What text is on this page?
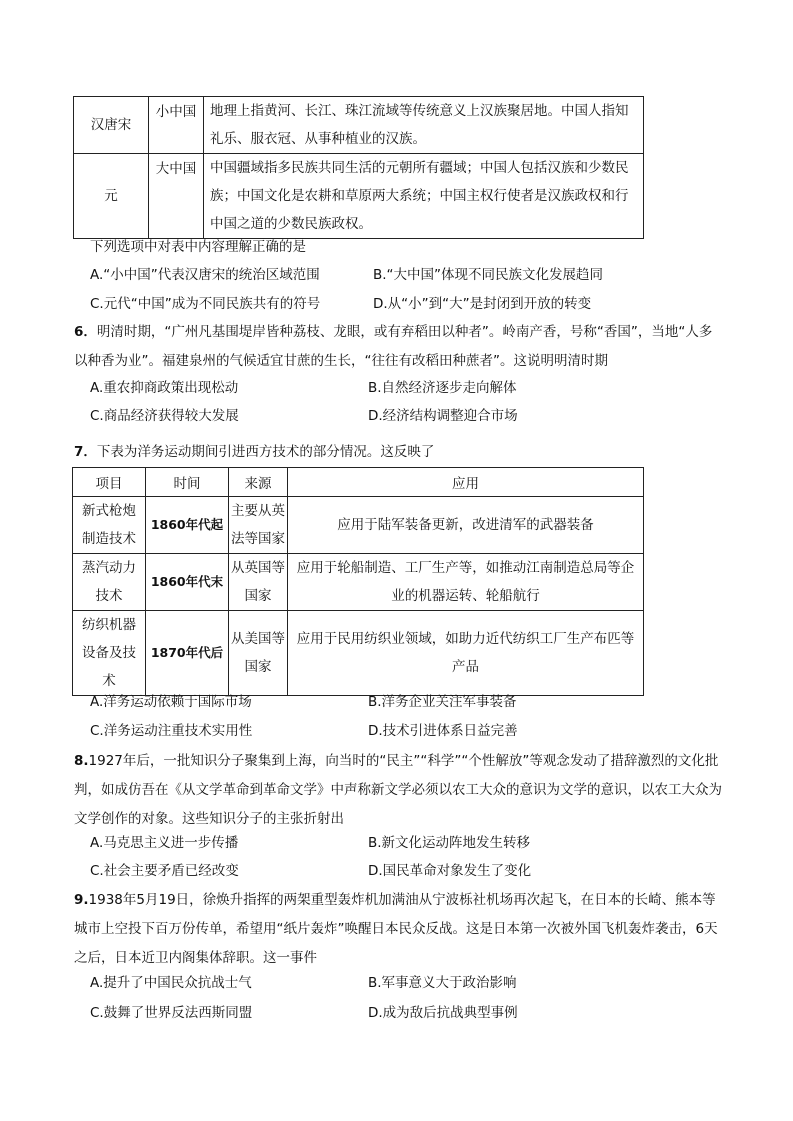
汉唐宋	小中国	地理上指黄河、长江、珠江流域等传统意义上汉族聚居地。中国人指知礼乐、服衣冠、从事种植业的汉族。
元	大中国	中国疆域指多民族共同生活的元朝所有疆域；中国人包括汉族和少数民族；中国文化是农耕和草原两大系统；中国主权行使者是汉族政权和行中国之道的少数民族政权。
下列选项中对表中内容理解正确的是
A.“小中国”代表汉唐宋的统治区域范围	B.“大中国”体现不同民族文化发展趋同
C.元代“中国”成为不同民族共有的符号	D.从“小”到“大”是封闭到开放的转变
6．明清时期，“广州凡基围堤岸皆种荔枝、龙眼，或有弃稻田以种者”。岭南产香，号称“香国”，当地“人多以种香为业”。福建泉州的气候适宜甘蔗的生长，“往往有改稻田种蔗者”。这说明明清时期
A.重农抑商政策出现松动	B.自然经济逐步走向解体
C.商品经济获得较大发展	D.经济结构调整迎合市场
7．下表为洋务运动期间引进西方技术的部分情况。这反映了
项目	时间	来源	应用
新式枪炮制造技术	1860年代起	主要从英法等国家	应用于陆军装备更新，改进清军的武器装备
蒸汽动力技术	1860年代末	从英国等国家	应用于轮船制造、工厂生产等，如推动江南制造总局等企业的机器运转、轮船航行
纺织机器设备及技术	1870年代后	从美国等国家	应用于民用纺织业领域，如助力近代纺织工厂生产布匹等产品
A.洋务运动依赖于国际市场	B.洋务企业关注军事装备
C.洋务运动注重技术实用性	D.技术引进体系日益完善
8.1927年后，一批知识分子聚集到上海，向当时的“民主”“科学”“个性解放”等观念发动了措辞激烈的文化批判，如成仿吾在《从文学革命到革命文学》中声称新文学必须以农工大众的意识为文学的意识，以农工大众为文学创作的对象。这些知识分子的主张折射出
A.马克思主义进一步传播	B.新文化运动阵地发生转移
C.社会主要矛盾已经改变	D.国民革命对象发生了变化
9.1938年5月19日，徐焕升指挥的两架重型轰炸机加满油从宁波栎社机场再次起飞，在日本的长崎、熊本等城市上空投下百万份传单，希望用“纸片轰炸”唤醒日本民众反战。这是日本第一次被外国飞机轰炸袭击，6天之后，日本近卫内阁集体辞职。这一事件
A.提升了中国民众抗战士气	B.军事意义大于政治影响
C.鼓舞了世界反法西斯同盟	D.成为敌后抗战典型事例
